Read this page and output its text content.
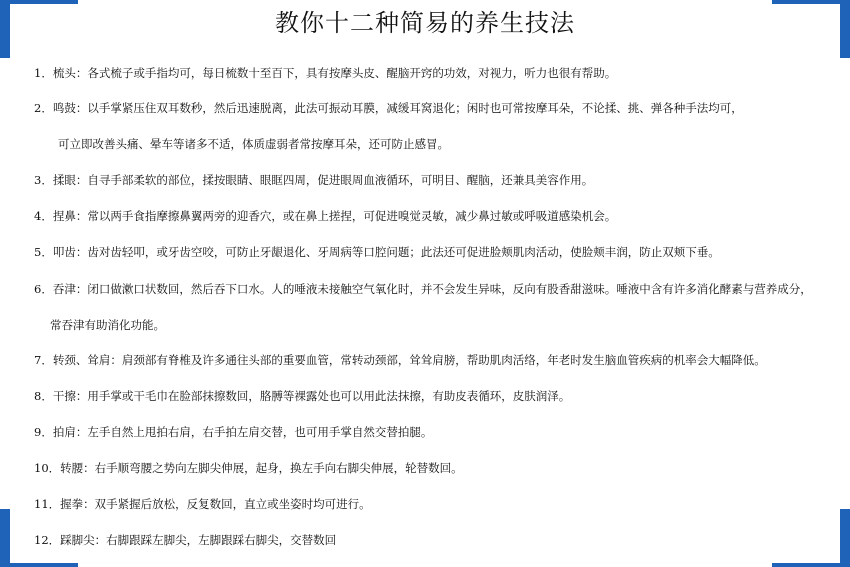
教你十二种简易的养生技法
1．梳头：各式梳子或手指均可，每日梳数十至百下，具有按摩头皮、醒脑开窍的功效，对视力，听力也很有帮助。
2．鸣鼓：以手掌紧压住双耳数秒，然后迅速脱离，此法可振动耳膜，减缓耳窝退化；闲时也可常按摩耳朵，不论揉、挑、弹各种手法均可，
可立即改善头痛、晕车等诸多不适，体质虚弱者常按摩耳朵，还可防止感冒。
3．揉眼：自寻手部柔软的部位，揉按眼睛、眼眶四周，促进眼周血液循环，可明目、醒脑，还兼具美容作用。
4．捏鼻：常以两手食指摩擦鼻翼两旁的迎香穴，或在鼻上搓捏，可促进嗅觉灵敏，减少鼻过敏或呼吸道感染机会。
5．叩齿：齿对齿轻叩，或牙齿空咬，可防止牙龈退化、牙周病等口腔问题；此法还可促进脸颊肌肉活动，使脸颊丰润，防止双颊下垂。
6．吞津：闭口做漱口状数回，然后吞下口水。人的唾液未接触空气氧化时，并不会发生异味，反向有股香甜滋味。唾液中含有许多消化酵素与营养成分，
常吞津有助消化功能。
7．转颈、耸肩：肩颈部有脊椎及许多通往头部的重要血管，常转动颈部，耸耸肩膀，帮助肌肉活络，年老时发生脑血管疾病的机率会大幅降低。
8．干擦：用手掌或干毛巾在脸部抹擦数回，胳膊等裸露处也可以用此法抹擦，有助皮表循环，皮肤润泽。
9．拍肩：左手自然上甩拍右肩，右手拍左肩交替，也可用手掌自然交替拍腿。
10．转腰：右手顺弯腰之势向左脚尖伸展，起身，换左手向右脚尖伸展，轮替数回。
11．握拳：双手紧握后放松，反复数回，直立或坐姿时均可进行。
12．踩脚尖：右脚跟踩左脚尖，左脚跟踩右脚尖，交替数回
